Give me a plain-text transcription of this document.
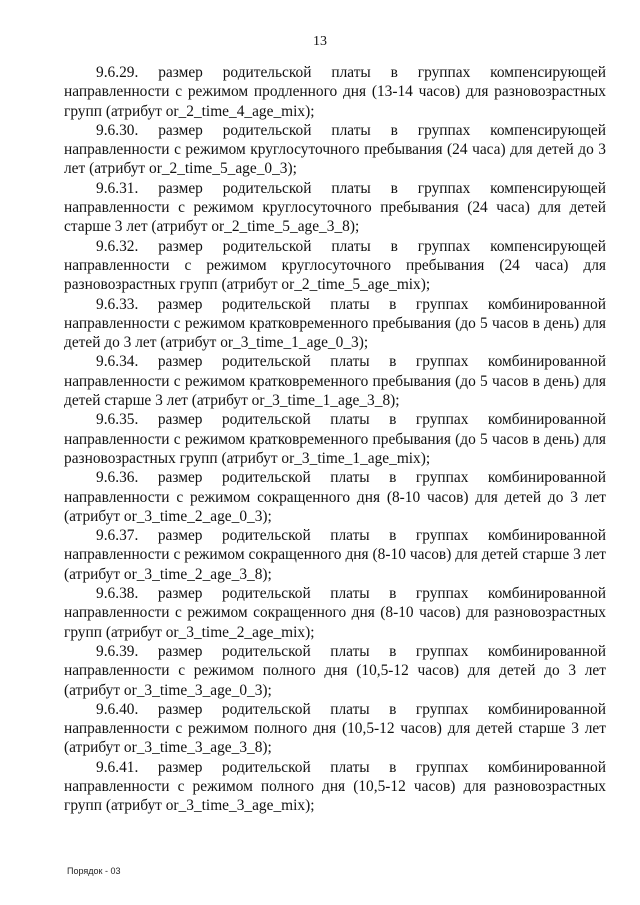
13

9.6.29. размер родительской платы в группах компенсирующей направленности с режимом продленного дня (13-14 часов) для разновозрастных групп (атрибут or_2_time_4_age_mix);

9.6.30. размер родительской платы в группах компенсирующей направленности с режимом круглосуточного пребывания (24 часа) для детей до 3 лет (атрибут or_2_time_5_age_0_3);

9.6.31. размер родительской платы в группах компенсирующей направленности с режимом круглосуточного пребывания (24 часа) для детей старше 3 лет (атрибут or_2_time_5_age_3_8);

9.6.32. размер родительской платы в группах компенсирующей направленности с режимом круглосуточного пребывания (24 часа) для разновозрастных групп (атрибут or_2_time_5_age_mix);

9.6.33. размер родительской платы в группах комбинированной направленности с режимом кратковременного пребывания (до 5 часов в день) для детей до 3 лет (атрибут or_3_time_1_age_0_3);

9.6.34. размер родительской платы в группах комбинированной направленности с режимом кратковременного пребывания (до 5 часов в день) для детей старше 3 лет (атрибут or_3_time_1_age_3_8);

9.6.35. размер родительской платы в группах комбинированной направленности с режимом кратковременного пребывания (до 5 часов в день) для разновозрастных групп (атрибут or_3_time_1_age_mix);

9.6.36. размер родительской платы в группах комбинированной направленности с режимом сокращенного дня (8-10 часов) для детей до 3 лет (атрибут or_3_time_2_age_0_3);

9.6.37. размер родительской платы в группах комбинированной направленности с режимом сокращенного дня (8-10 часов) для детей старше 3 лет (атрибут or_3_time_2_age_3_8);

9.6.38. размер родительской платы в группах комбинированной направленности с режимом сокращенного дня (8-10 часов) для разновозрастных групп (атрибут or_3_time_2_age_mix);

9.6.39. размер родительской платы в группах комбинированной направленности с режимом полного дня (10,5-12 часов) для детей до 3 лет (атрибут or_3_time_3_age_0_3);

9.6.40. размер родительской платы в группах комбинированной направленности с режимом полного дня (10,5-12 часов) для детей старше 3 лет (атрибут or_3_time_3_age_3_8);

9.6.41. размер родительской платы в группах комбинированной направленности с режимом полного дня (10,5-12 часов) для разновозрастных групп (атрибут or_3_time_3_age_mix);

Порядок - 03
